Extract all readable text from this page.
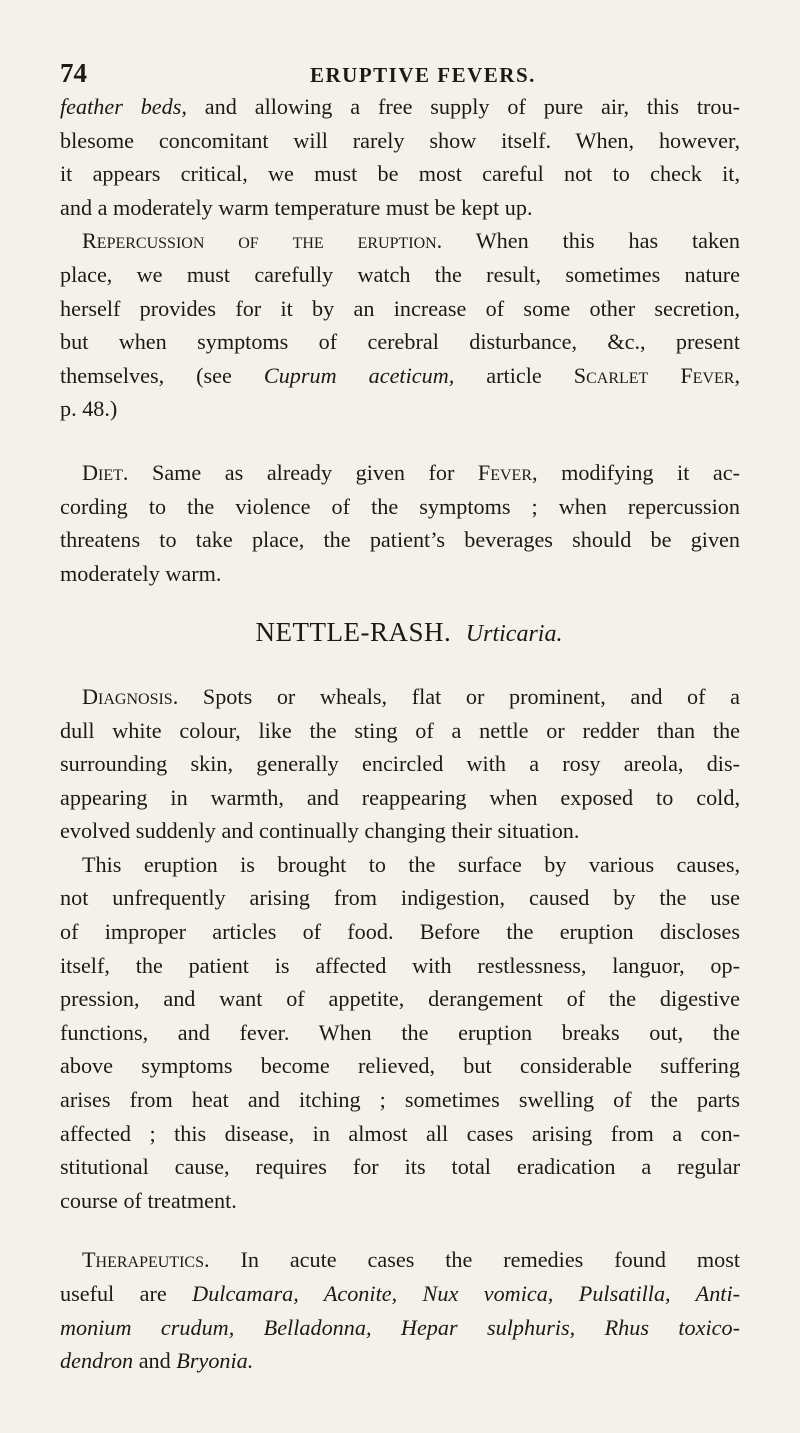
74	ERUPTIVE FEVERS.
feather beds, and allowing a free supply of pure air, this trou-
blesome concomitant will rarely show itself. When, however,
it appears critical, we must be most careful not to check it,
and a moderately warm temperature must be kept up.
Repercussion of the eruption. When this has taken
place, we must carefully watch the result, sometimes nature
herself provides for it by an increase of some other secretion,
but when symptoms of cerebral disturbance, &c., present
themselves, (see Cuprum aceticum, article Scarlet Fever,
p. 48.)
Diet. Same as already given for Fever, modifying it ac-
cording to the violence of the symptoms ; when repercussion
threatens to take place, the patient’s beverages should be given
moderately warm.
NETTLE-RASH. Urticaria.
Diagnosis. Spots or wheals, flat or prominent, and of a
dull white colour, like the sting of a nettle or redder than the
surrounding skin, generally encircled with a rosy areola, dis-
appearing in warmth, and reappearing when exposed to cold,
evolved suddenly and continually changing their situation.
This eruption is brought to the surface by various causes,
not unfrequently arising from indigestion, caused by the use
of improper articles of food. Before the eruption discloses
itself, the patient is affected with restlessness, languor, op-
pression, and want of appetite, derangement of the digestive
functions, and fever. When the eruption breaks out, the
above symptoms become relieved, but considerable suffering
arises from heat and itching ; sometimes swelling of the parts
affected ; this disease, in almost all cases arising from a con-
stitutional cause, requires for its total eradication a regular
course of treatment.
Therapeutics. In acute cases the remedies found most
useful are Dulcamara, Aconite, Nux vomica, Pulsatilla, Anti-
monium crudum, Belladonna, Hepar sulphuris, Rhus toxico-
dendron and Bryonia.
